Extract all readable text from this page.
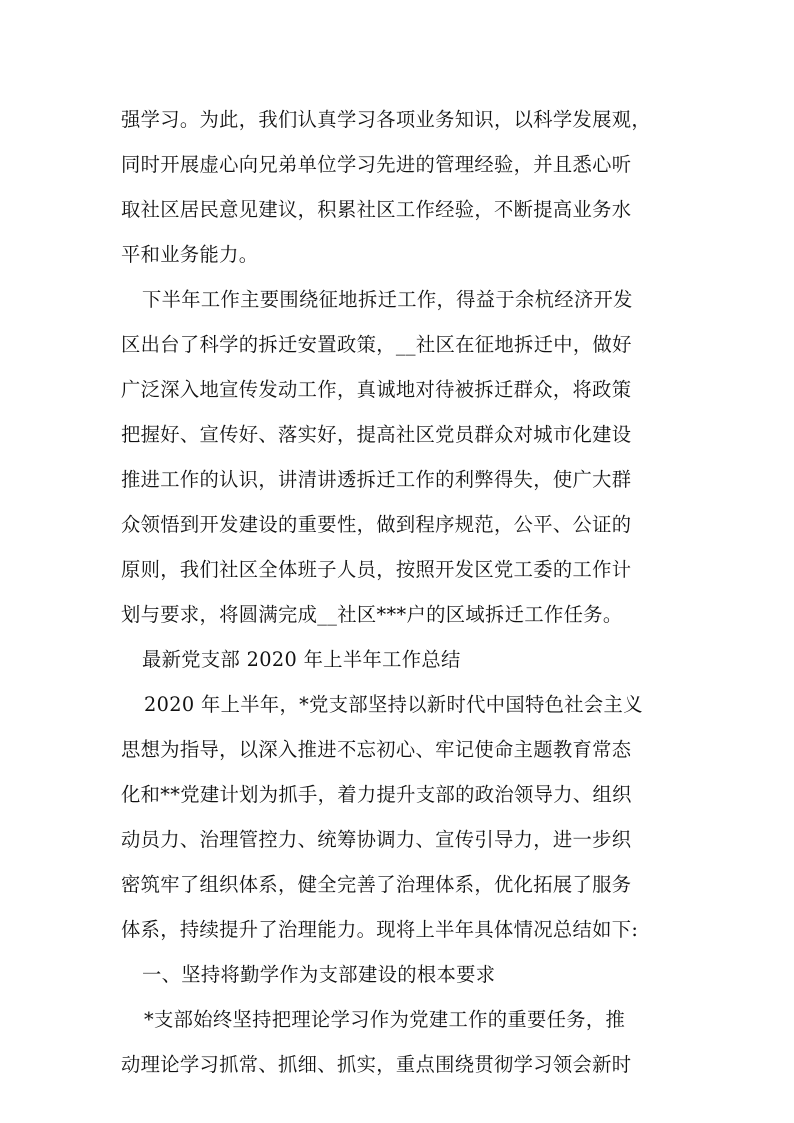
强学习。为此，我们认真学习各项业务知识，以科学发展观，
同时开展虚心向兄弟单位学习先进的管理经验，并且悉心听
取社区居民意见建议，积累社区工作经验，不断提高业务水
平和业务能力。
下半年工作主要围绕征地拆迁工作，得益于余杭经济开发
区出台了科学的拆迁安置政策，__社区在征地拆迁中，做好
广泛深入地宣传发动工作，真诚地对待被拆迁群众，将政策
把握好、宣传好、落实好，提高社区党员群众对城市化建设
推进工作的认识，讲清讲透拆迁工作的利弊得失，使广大群
众领悟到开发建设的重要性，做到程序规范，公平、公证的
原则，我们社区全体班子人员，按照开发区党工委的工作计
划与要求，将圆满完成__社区***户的区域拆迁工作任务。
最新党支部 2020 年上半年工作总结
2020 年上半年，*党支部坚持以新时代中国特色社会主义
思想为指导，以深入推进不忘初心、牢记使命主题教育常态
化和**党建计划为抓手，着力提升支部的政治领导力、组织
动员力、治理管控力、统筹协调力、宣传引导力，进一步织
密筑牢了组织体系，健全完善了治理体系，优化拓展了服务
体系，持续提升了治理能力。现将上半年具体情况总结如下:
一、坚持将勤学作为支部建设的根本要求
*支部始终坚持把理论学习作为党建工作的重要任务，推
动理论学习抓常、抓细、抓实，重点围绕贯彻学习领会新时
